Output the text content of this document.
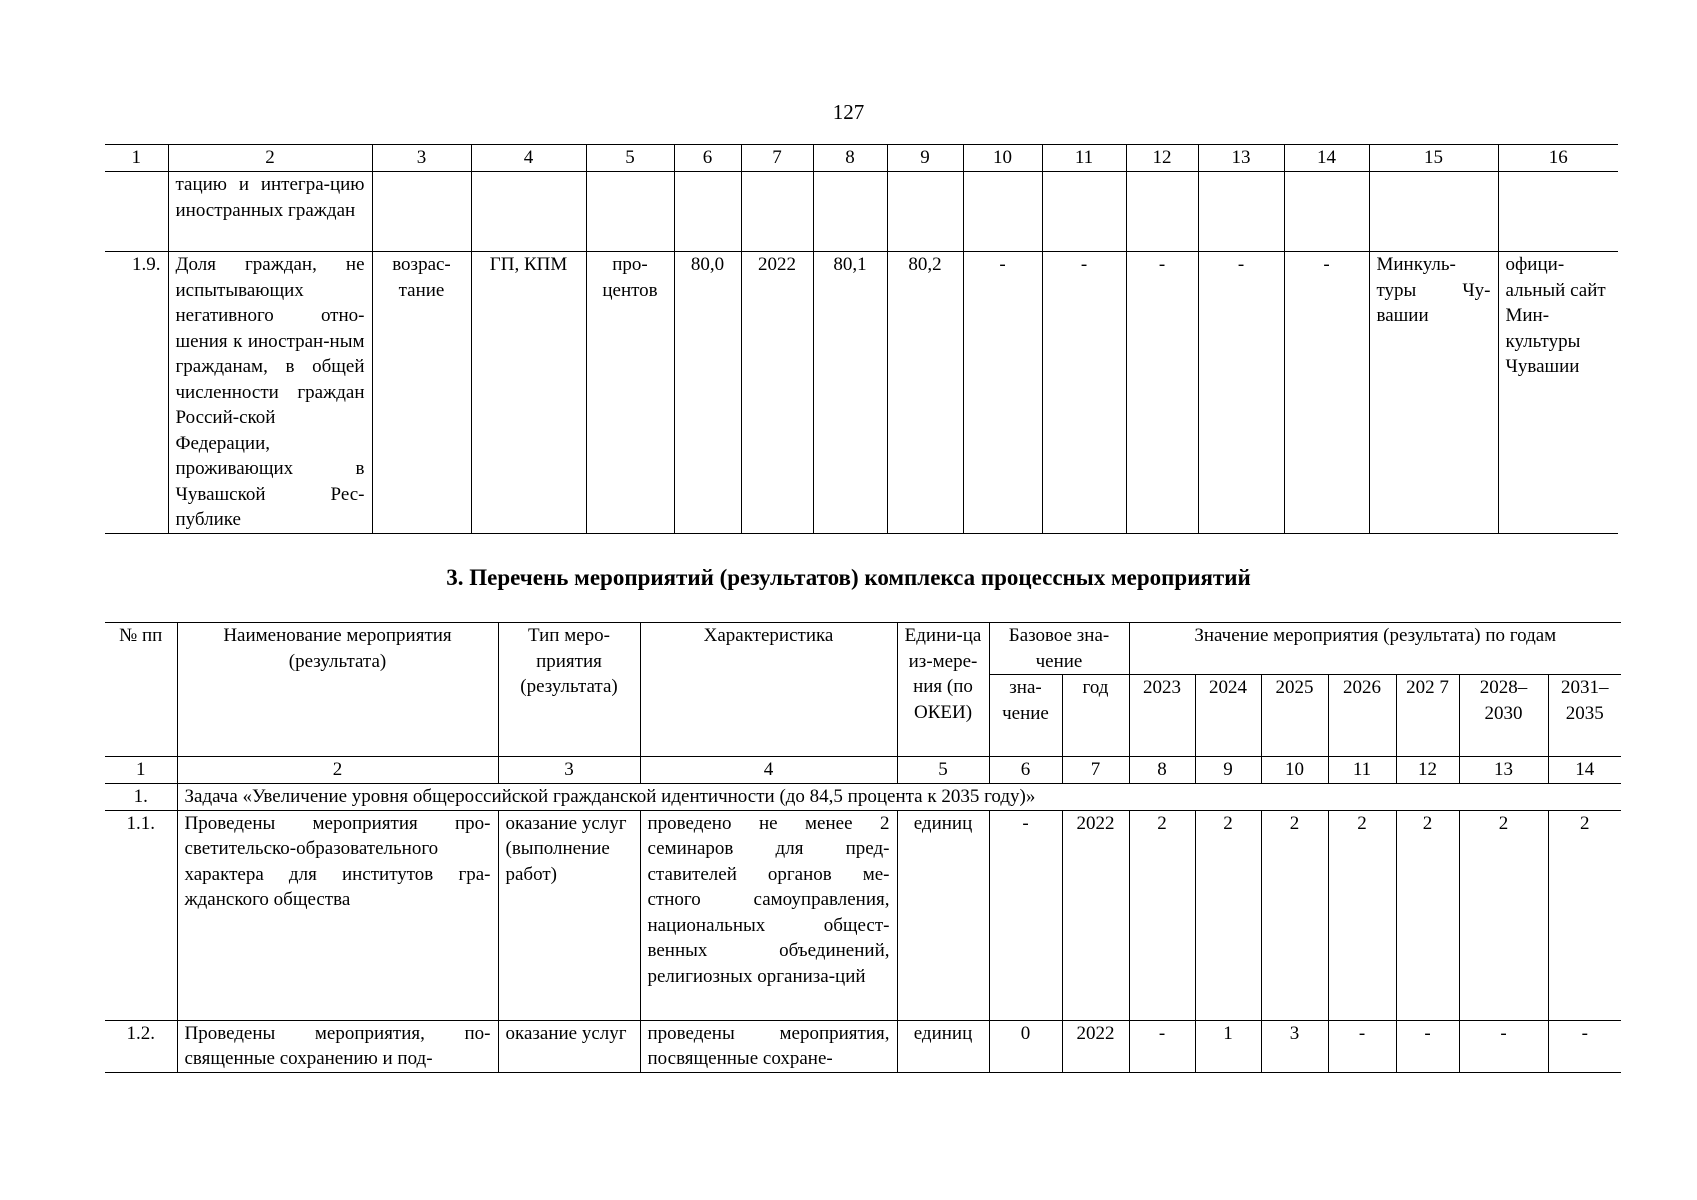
127
1	2	3	4	5	6	7	8	9	10	11	12	13	14	15	16
	тацию и интегра-цию иностранных граждан														
1.9.	Доля граждан, не испытывающих негативного отно-шения к иностран-ным гражданам, в общей численности граждан Россий-ской Федерации, проживающих в Чувашской Рес-публике	возрас-тание	ГП, КПМ	про-центов	80,0	2022	80,1	80,2	-	-	-	-	-	Минкуль-туры Чу-вашии	офици-альный сайт Мин-культуры Чувашии
3. Перечень мероприятий (результатов) комплекса процессных мероприятий
№ пп	Наименование мероприятия (результата)	Тип меро-приятия (результата)	Характеристика	Едини-ца из-мере-ния (по ОКЕИ)	Базовое зна-чение		Значение мероприятия (результата) по годам						
					зна-чение	год	2023	2024	2025	2026	202 7	2028–2030	2031–2035
1	2	3	4	5	6	7	8	9	10	11	12	13	14
1.	Задача «Увеличение уровня общероссийской гражданской идентичности (до 84,5 процента к 2035 году)»												
1.1.	Проведены мероприятия про-светительско-образовательного характера для институтов гра-жданского общества	оказание услуг (выполнение работ)	проведено не менее 2 семинаров для пред-ставителей органов ме-стного самоуправления, национальных общест-венных объединений, религиозных организа-ций	единиц	-	2022	2	2	2	2	2	2	2
1.2.	Проведены мероприятия, по-священные сохранению и под-	оказание услуг	проведены мероприятия, посвященные сохране-	единиц	0	2022	-	1	3	-	-	-	-
